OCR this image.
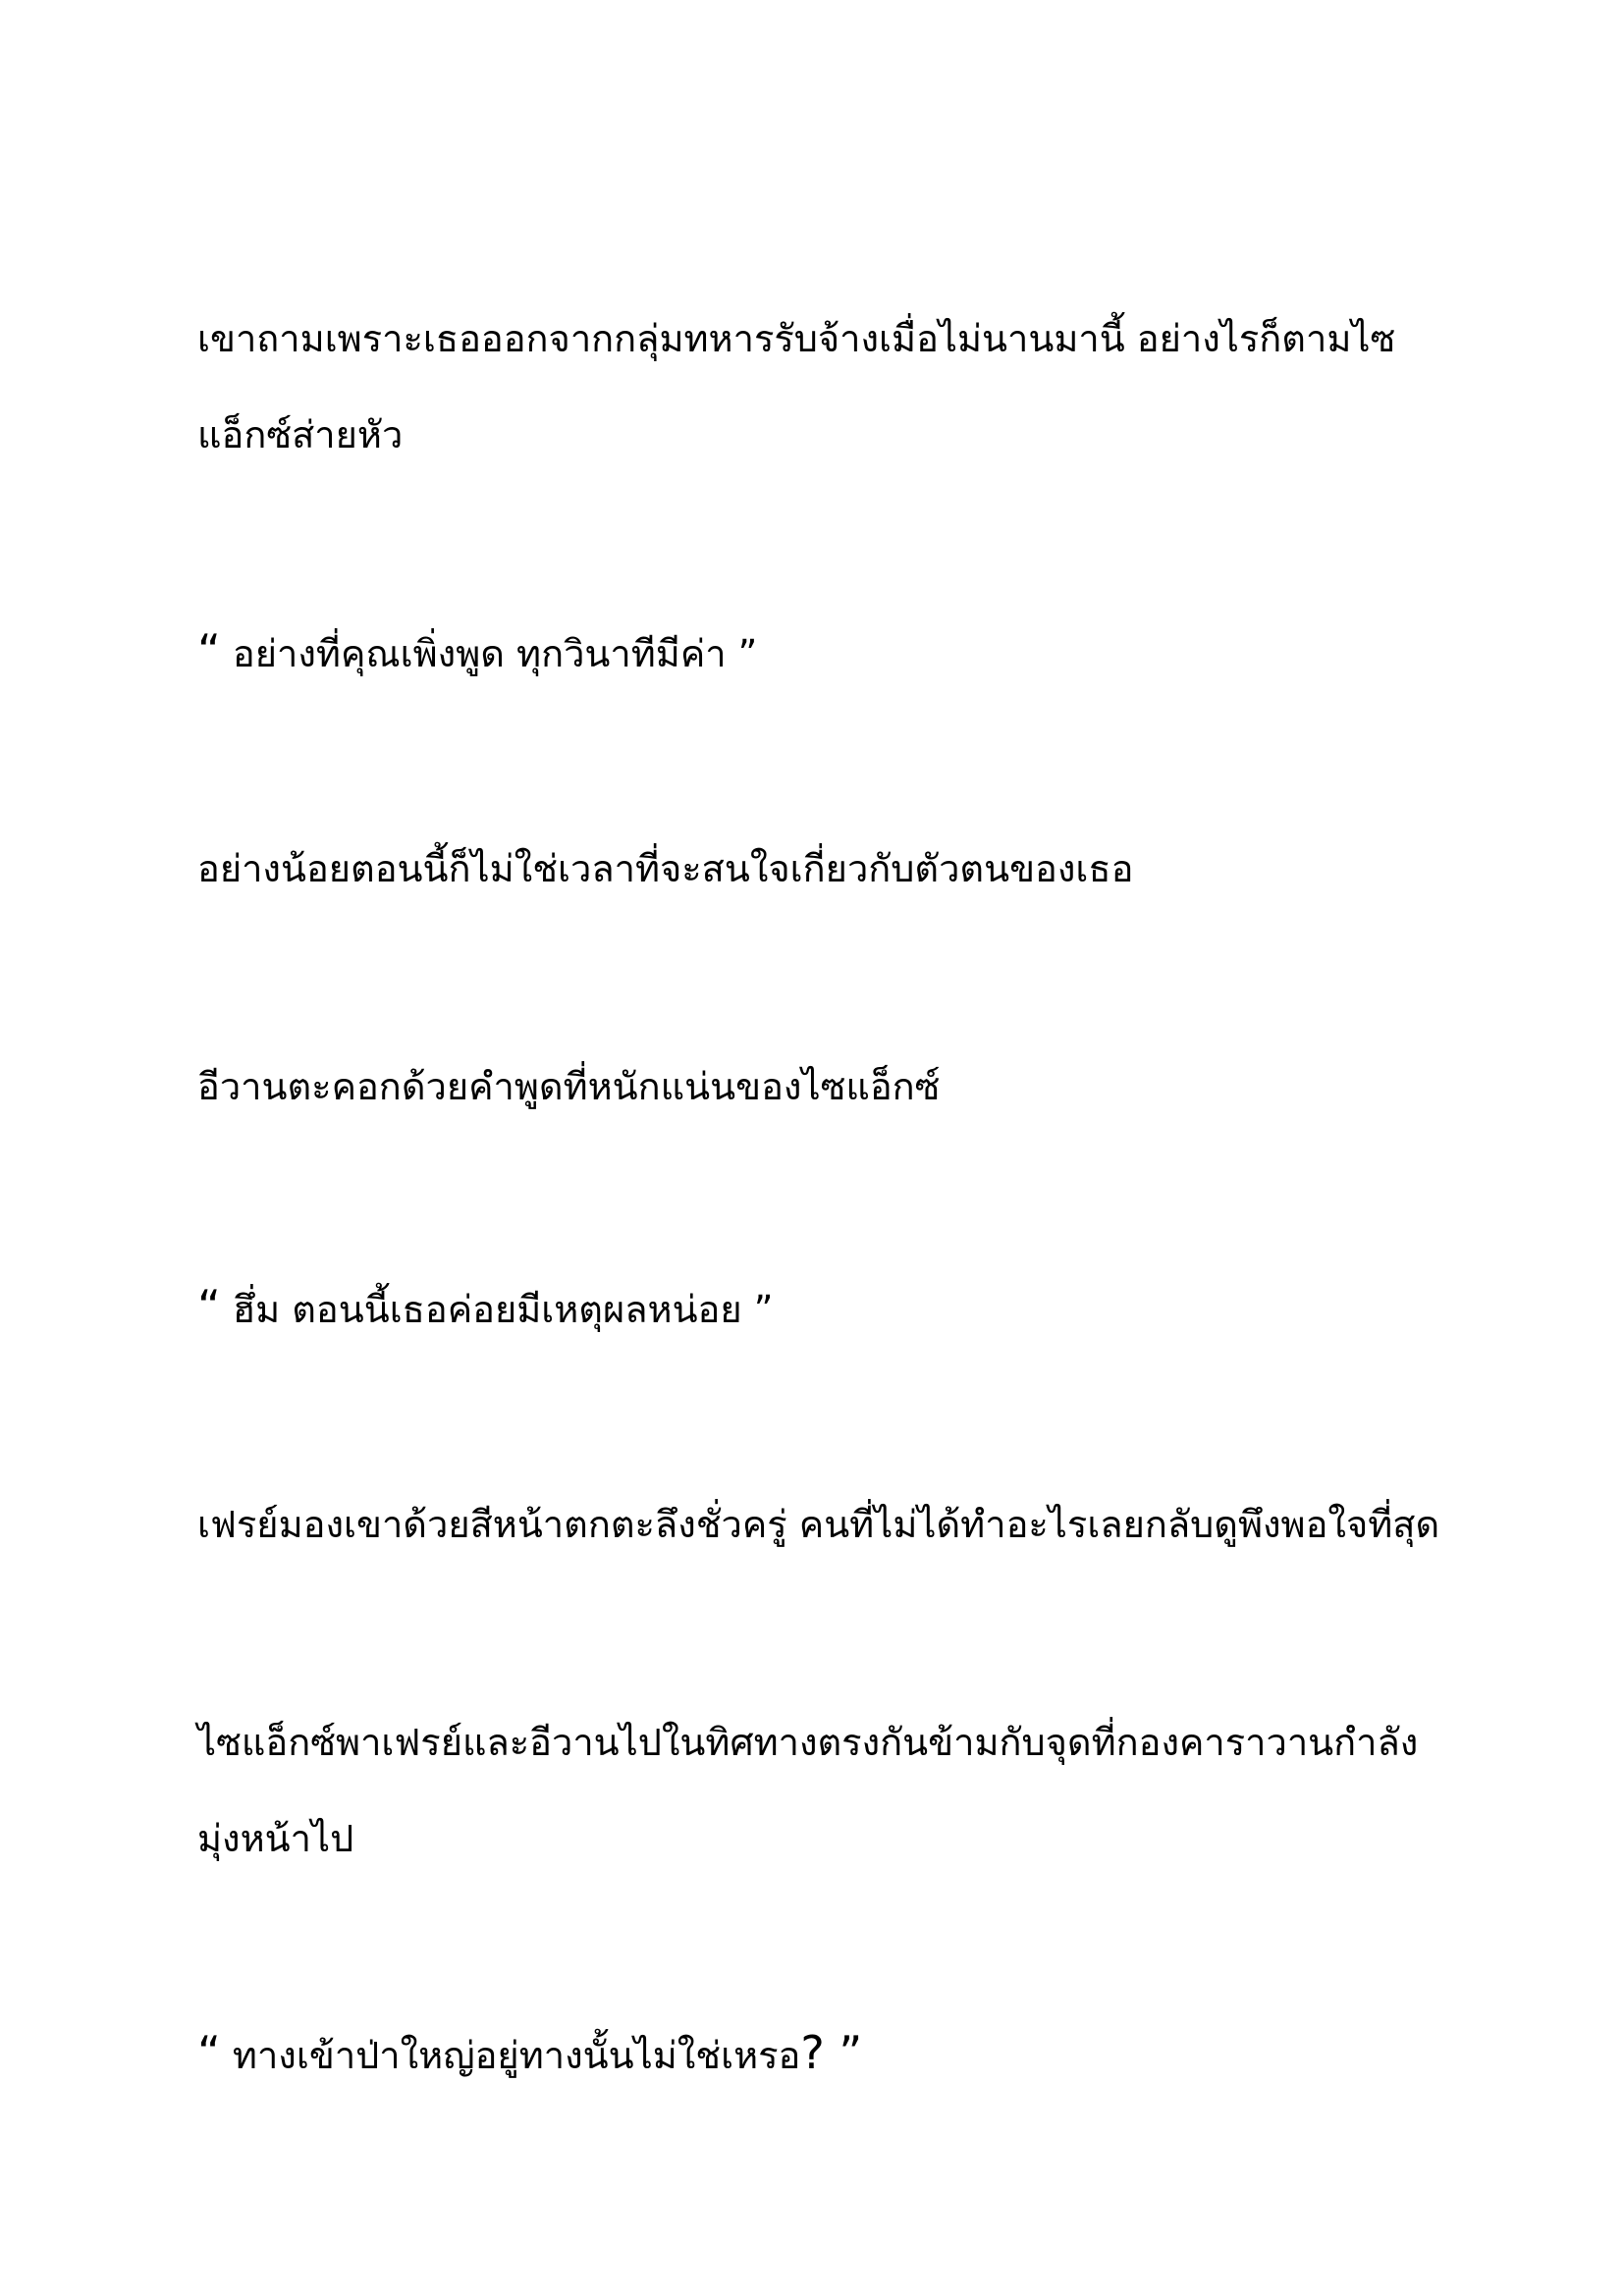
เขาถามเพราะเธอออกจากกลุ่มทหารรับจ้างเมื่อไม่นานมานี้ อย่างไรก็ตามไซแอ็กซ์ส่ายหัว

“ อย่างที่คุณเพิ่งพูด ทุกวินาทีมีค่า ”

อย่างน้อยตอนนี้ก็ไม่ใช่เวลาที่จะสนใจเกี่ยวกับตัวตนของเธอ

อีวานตะคอกด้วยคำพูดที่หนักแน่นของไซแอ็กซ์

“ ฮึ่ม ตอนนี้เธอค่อยมีเหตุผลหน่อย ”

เฟรย์มองเขาด้วยสีหน้าตกตะลึงชั่วครู่ คนที่ไม่ได้ทำอะไรเลยกลับดูพึงพอใจที่สุด

ไซแอ็กซ์พาเฟรย์และอีวานไปในทิศทางตรงกันข้ามกับจุดที่กองคาราวานกำลังมุ่งหน้าไป

“ ทางเข้าป่าใหญ่อยู่ทางนั้นไม่ใช่เหรอ? ”
